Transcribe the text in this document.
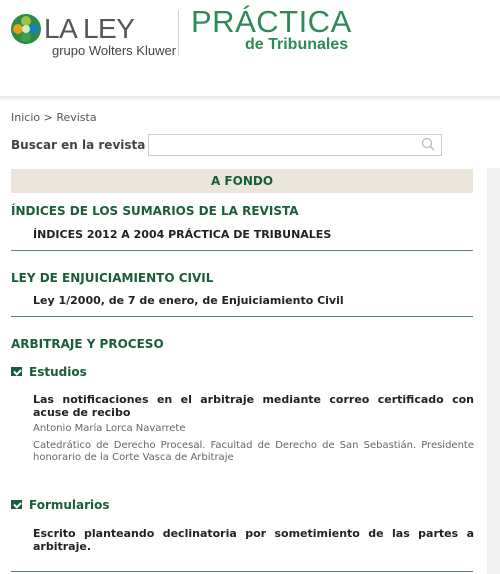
LA LEY
grupo Wolters Kluwer
PRÁCTICA
de Tribunales
Inicio > Revista
Buscar en la revista
A FONDO
ÍNDICES DE LOS SUMARIOS DE LA REVISTA
ÍNDICES 2012 A 2004 PRÁCTICA DE TRIBUNALES
LEY DE ENJUICIAMIENTO CIVIL
Ley 1/2000, de 7 de enero, de Enjuiciamiento Civil
ARBITRAJE Y PROCESO
Estudios
Las notificaciones en el arbitraje mediante correo certificado con acuse de recibo
Antonio María Lorca Navarrete
Catedrático de Derecho Procesal. Facultad de Derecho de San Sebastián. Presidente honorario de la Corte Vasca de Arbitraje
Formularios
Escrito planteando declinatoria por sometimiento de las partes a arbitraje.
